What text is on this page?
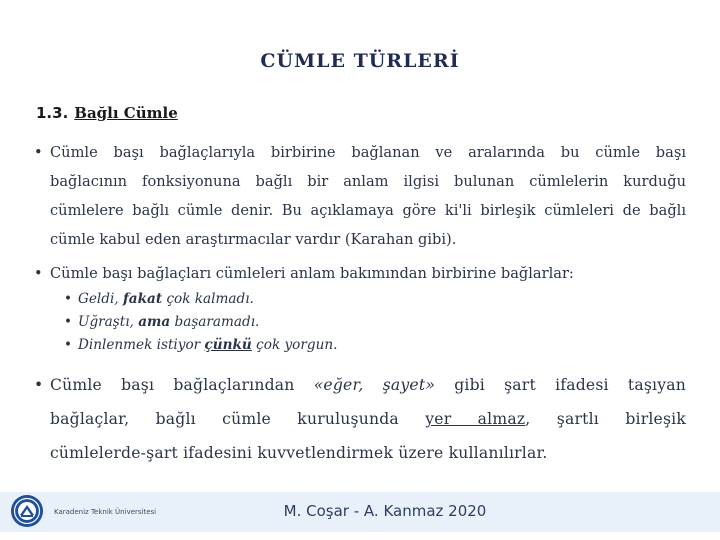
CÜMLE TÜRLERİ
1.3. Bağlı Cümle
• Cümle başı bağlaçlarıyla birbirine bağlanan ve aralarında bu cümle başı
bağlacının fonksiyonuna bağlı bir anlam ilgisi bulunan cümlelerin kurduğu
cümlelere bağlı cümle denir. Bu açıklamaya göre ki'li birleşik cümleleri de bağlı
cümle kabul eden araştırmacılar vardır (Karahan gibi).
• Cümle başı bağlaçları cümleleri anlam bakımından birbirine bağlarlar:
• Geldi, fakat çok kalmadı.
• Uğraştı, ama başaramadı.
• Dinlenmek istiyor çünkü çok yorgun.
• Cümle başı bağlaçlarından «eğer, şayet» gibi şart ifadesi taşıyan
bağlaçlar, bağlı cümle kuruluşunda yer almaz, şartlı birleşik
cümlelerde-şart ifadesini kuvvetlendirmek üzere kullanılırlar.
Karadeniz Teknik Üniversitesi	M. Coşar - A. Kanmaz 2020
